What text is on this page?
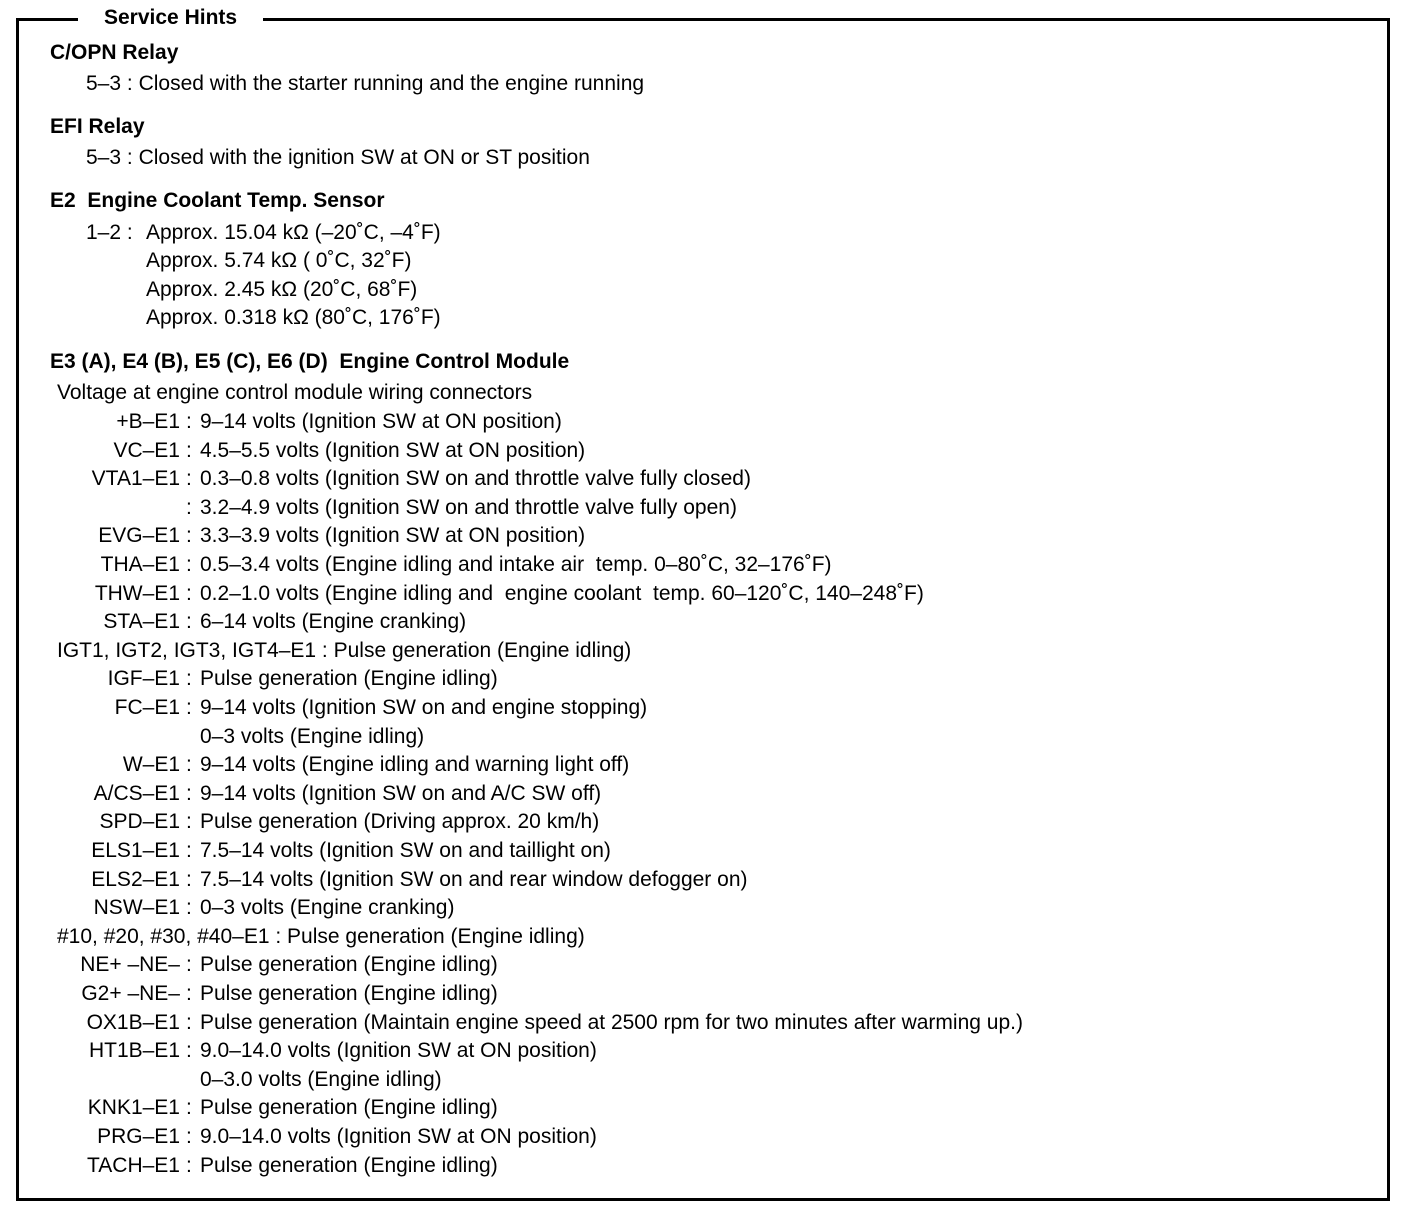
Service Hints
C/OPN Relay
5–3 : Closed with the starter running and the engine running
EFI Relay
5–3 : Closed with the ignition SW at ON or ST position
E2  Engine Coolant Temp. Sensor
1–2 : Approx. 15.04 kΩ (–20˚C, –4˚F)
Approx. 5.74 kΩ ( 0˚C, 32˚F)
Approx. 2.45 kΩ (20˚C, 68˚F)
Approx. 0.318 kΩ (80˚C, 176˚F)
E3 (A), E4 (B), E5 (C), E6 (D)  Engine Control Module
Voltage at engine control module wiring connectors
+B–E1 : 9–14 volts (Ignition SW at ON position)
VC–E1 : 4.5–5.5 volts (Ignition SW at ON position)
VTA1–E1 : 0.3–0.8 volts (Ignition SW on and throttle valve fully closed)
: 3.2–4.9 volts (Ignition SW on and throttle valve fully open)
EVG–E1 : 3.3–3.9 volts (Ignition SW at ON position)
THA–E1 : 0.5–3.4 volts (Engine idling and intake air  temp. 0–80˚C, 32–176˚F)
THW–E1 : 0.2–1.0 volts (Engine idling and  engine coolant  temp. 60–120˚C, 140–248˚F)
STA–E1 : 6–14 volts (Engine cranking)
IGT1, IGT2, IGT3, IGT4–E1 : Pulse generation (Engine idling)
IGF–E1 : Pulse generation (Engine idling)
FC–E1 : 9–14 volts (Ignition SW on and engine stopping)
0–3 volts (Engine idling)
W–E1 : 9–14 volts (Engine idling and warning light off)
A/CS–E1 : 9–14 volts (Ignition SW on and A/C SW off)
SPD–E1 : Pulse generation (Driving approx. 20 km/h)
ELS1–E1 : 7.5–14 volts (Ignition SW on and taillight on)
ELS2–E1 : 7.5–14 volts (Ignition SW on and rear window defogger on)
NSW–E1 : 0–3 volts (Engine cranking)
#10, #20, #30, #40–E1 : Pulse generation (Engine idling)
NE+ –NE– : Pulse generation (Engine idling)
G2+ –NE– : Pulse generation (Engine idling)
OX1B–E1 : Pulse generation (Maintain engine speed at 2500 rpm for two minutes after warming up.)
HT1B–E1 : 9.0–14.0 volts (Ignition SW at ON position)
0–3.0 volts (Engine idling)
KNK1–E1 : Pulse generation (Engine idling)
PRG–E1 : 9.0–14.0 volts (Ignition SW at ON position)
TACH–E1 : Pulse generation (Engine idling)
